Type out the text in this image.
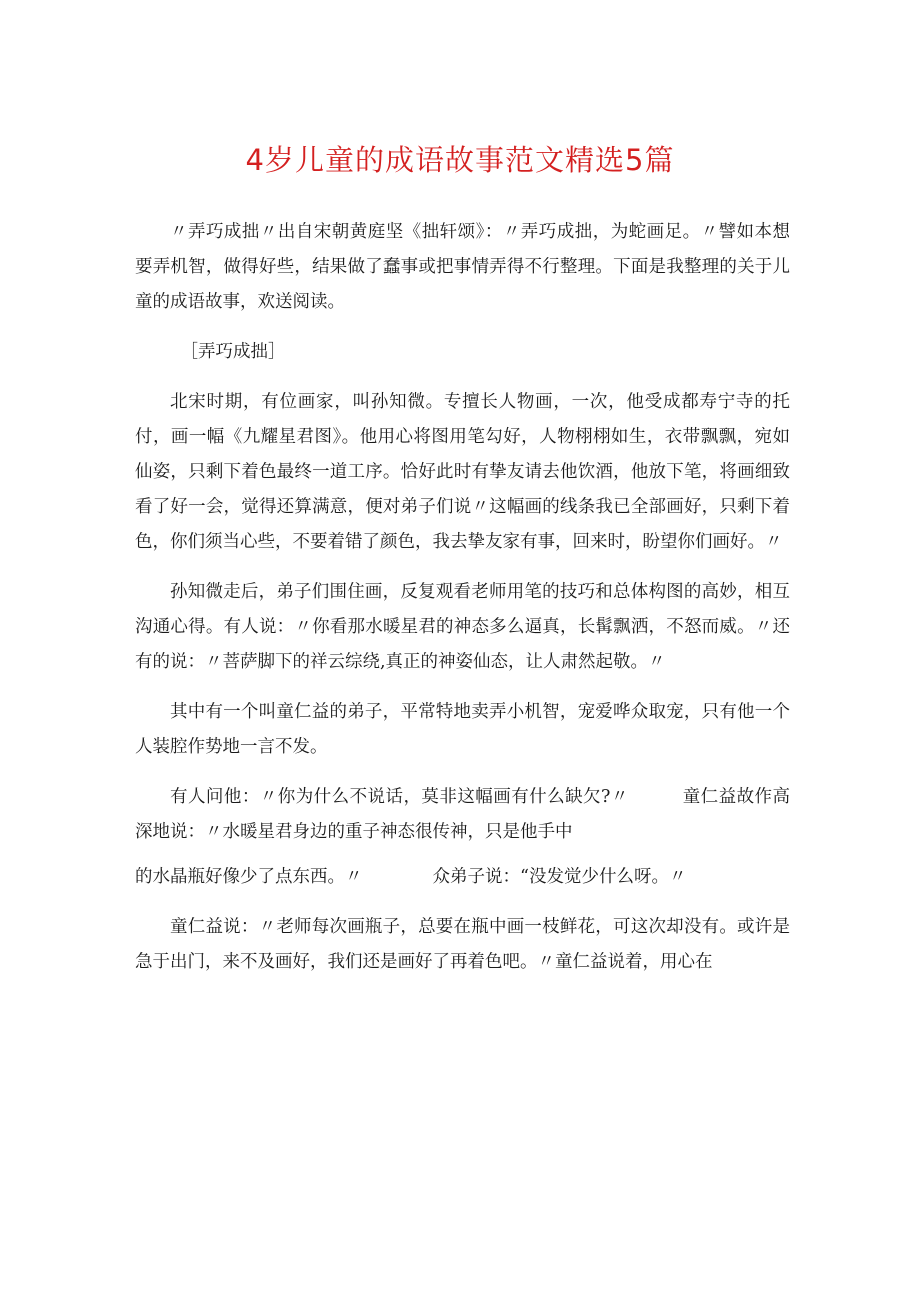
4岁儿童的成语故事范文精选5篇

〃弄巧成拙〃出自宋朝黄庭坚《拙轩颂》：〃弄巧成拙，为蛇画足。〃譬如本想要弄机智，做得好些，结果做了蠢事或把事情弄得不行整理。下面是我整理的关于儿童的成语故事，欢送阅读。

［弄巧成拙］

北宋时期，有位画家，叫孙知微。专擅长人物画，一次，他受成都寿宁寺的托付，画一幅《九耀星君图》。他用心将图用笔勾好，人物栩栩如生，衣带飘飘，宛如仙姿，只剩下着色最终一道工序。恰好此时有挚友请去他饮酒，他放下笔，将画细致看了好一会，觉得还算满意，便对弟子们说〃这幅画的线条我已全部画好，只剩下着色，你们须当心些，不要着错了颜色，我去挚友家有事，回来时，盼望你们画好。〃

孙知微走后，弟子们围住画，反复观看老师用笔的技巧和总体构图的高妙，相互沟通心得。有人说：〃你看那水暖星君的神态多么逼真，长髯飘洒，不怒而威。〃还有的说：〃菩萨脚下的祥云综绕,真正的神姿仙态，让人肃然起敬。〃

其中有一个叫童仁益的弟子，平常特地卖弄小机智，宠爱哗众取宠，只有他一个人装腔作势地一言不发。

有人问他：〃你为什么不说话，莫非这幅画有什么缺欠?〃　　　童仁益故作高深地说：〃水暖星君身边的重子神态很传神，只是他手中

的水晶瓶好像少了点东西。〃　　　　众弟子说：“没发觉少什么呀。〃

童仁益说：〃老师每次画瓶子，总要在瓶中画一枝鲜花，可这次却没有。或许是急于出门，来不及画好，我们还是画好了再着色吧。〃童仁益说着，用心在
